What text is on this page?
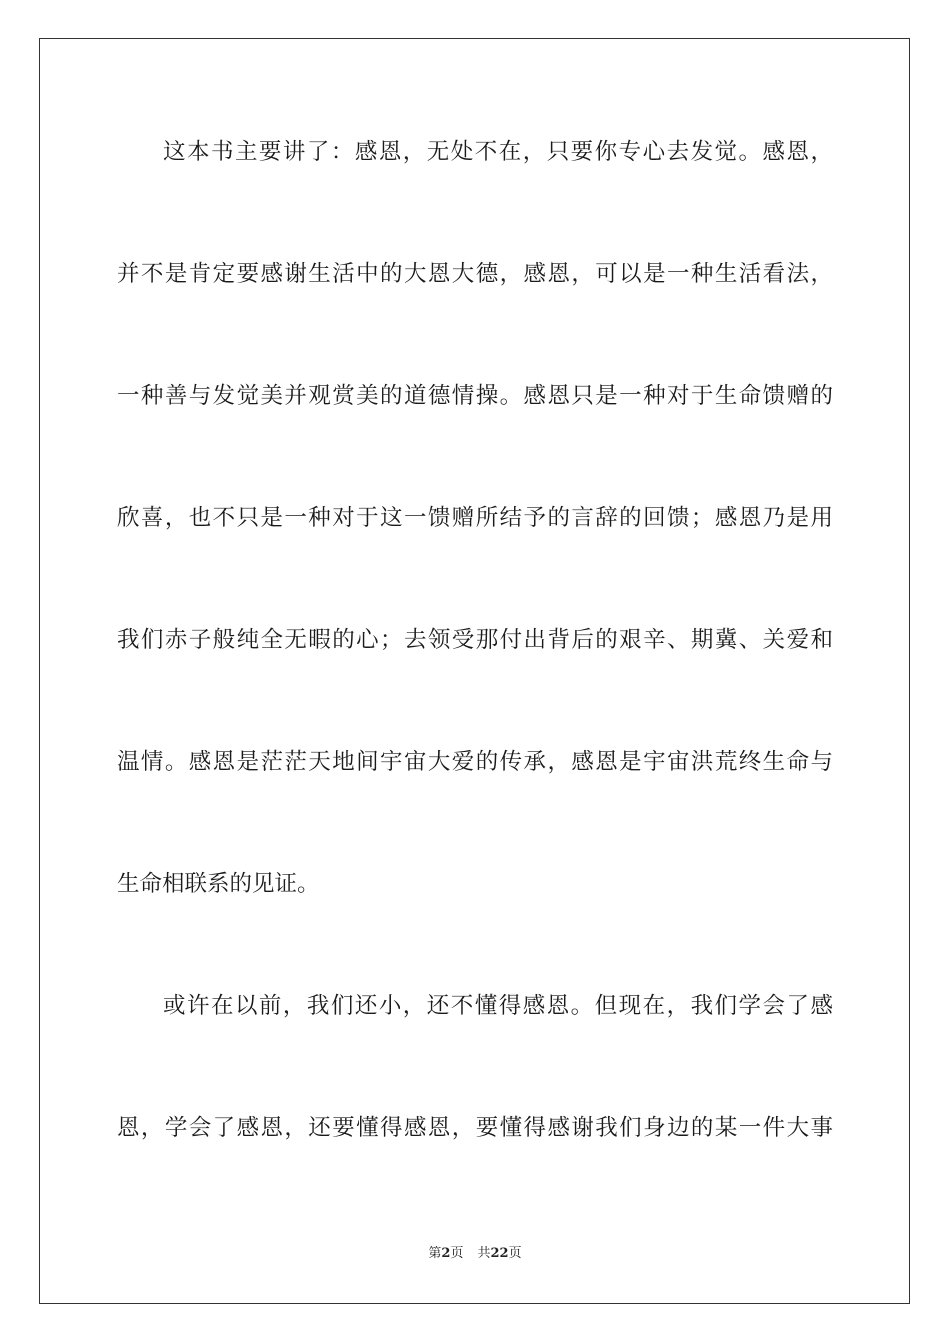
这本书主要讲了：感恩，无处不在，只要你专心去发觉。感恩，
并不是肯定要感谢生活中的大恩大德，感恩，可以是一种生活看法，
一种善与发觉美并观赏美的道德情操。感恩只是一种对于生命馈赠的
欣喜，也不只是一种对于这一馈赠所结予的言辞的回馈；感恩乃是用
我们赤子般纯全无暇的心；去领受那付出背后的艰辛、期冀、关爱和
温情。感恩是茫茫天地间宇宙大爱的传承，感恩是宇宙洪荒终生命与
生命相联系的见证。
或许在以前，我们还小，还不懂得感恩。但现在，我们学会了感
恩，学会了感恩，还要懂得感恩，要懂得感谢我们身边的某一件大事
第2页 共22页
